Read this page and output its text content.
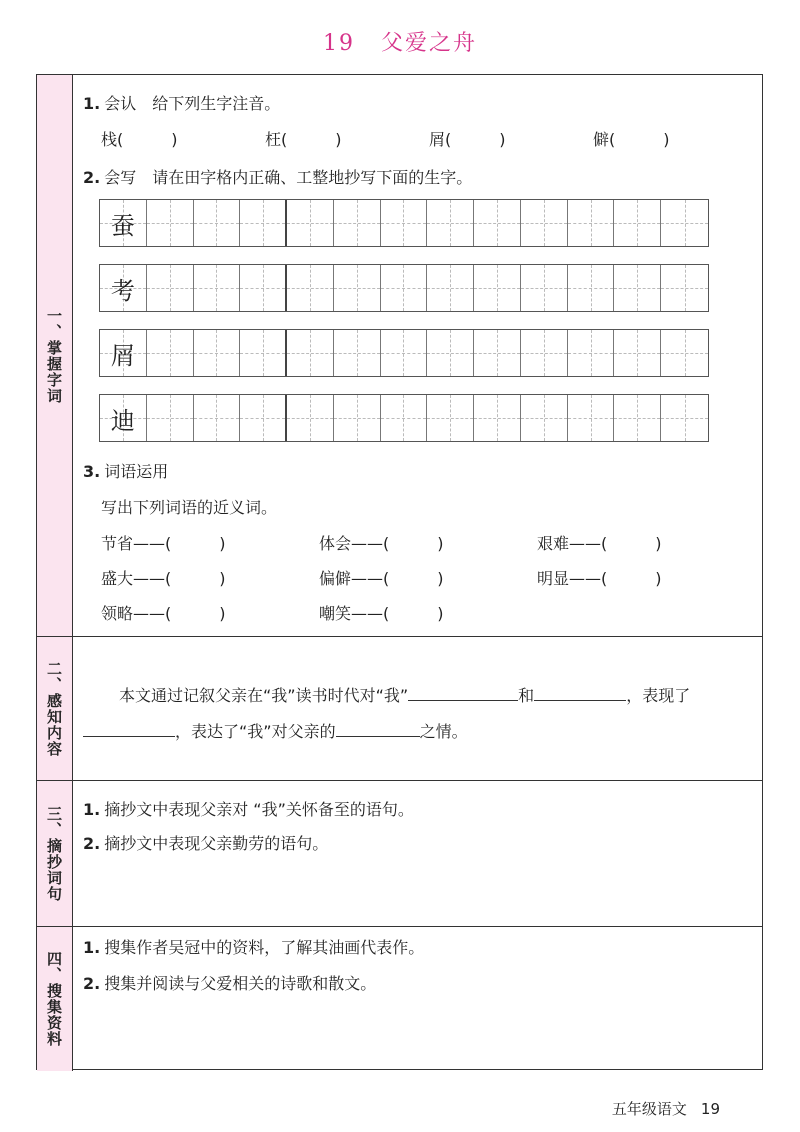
19 父爱之舟
一、掌握字词
1. 会认　给下列生字注音。
栈(　　　)	枉(　　　)	屑(　　　)	僻(　　　)
2. 会写　请在田字格内正确、工整地抄写下面的生字。
蚕
考
屑
迪
3. 词语运用
写出下列词语的近义词。
节省——(　　　)	体会——(　　　)	艰难——(　　　)
盛大——(　　　)	偏僻——(　　　)	明显——(　　　)
领略——(　　　)	嘲笑——(　　　)
二、感知内容	本文通过记叙父亲在“我”读书时代对“我”	和	，表现了
，表达了“我”对父亲的	之情。
三、摘抄词句 1. 摘抄文中表现父亲对 “我”关怀备至的语句。
2. 摘抄文中表现父亲勤劳的语句。
四、搜集资料
1. 搜集作者吴冠中的资料，了解其油画代表作。
2. 搜集并阅读与父爱相关的诗歌和散文。
五年级语文 19
